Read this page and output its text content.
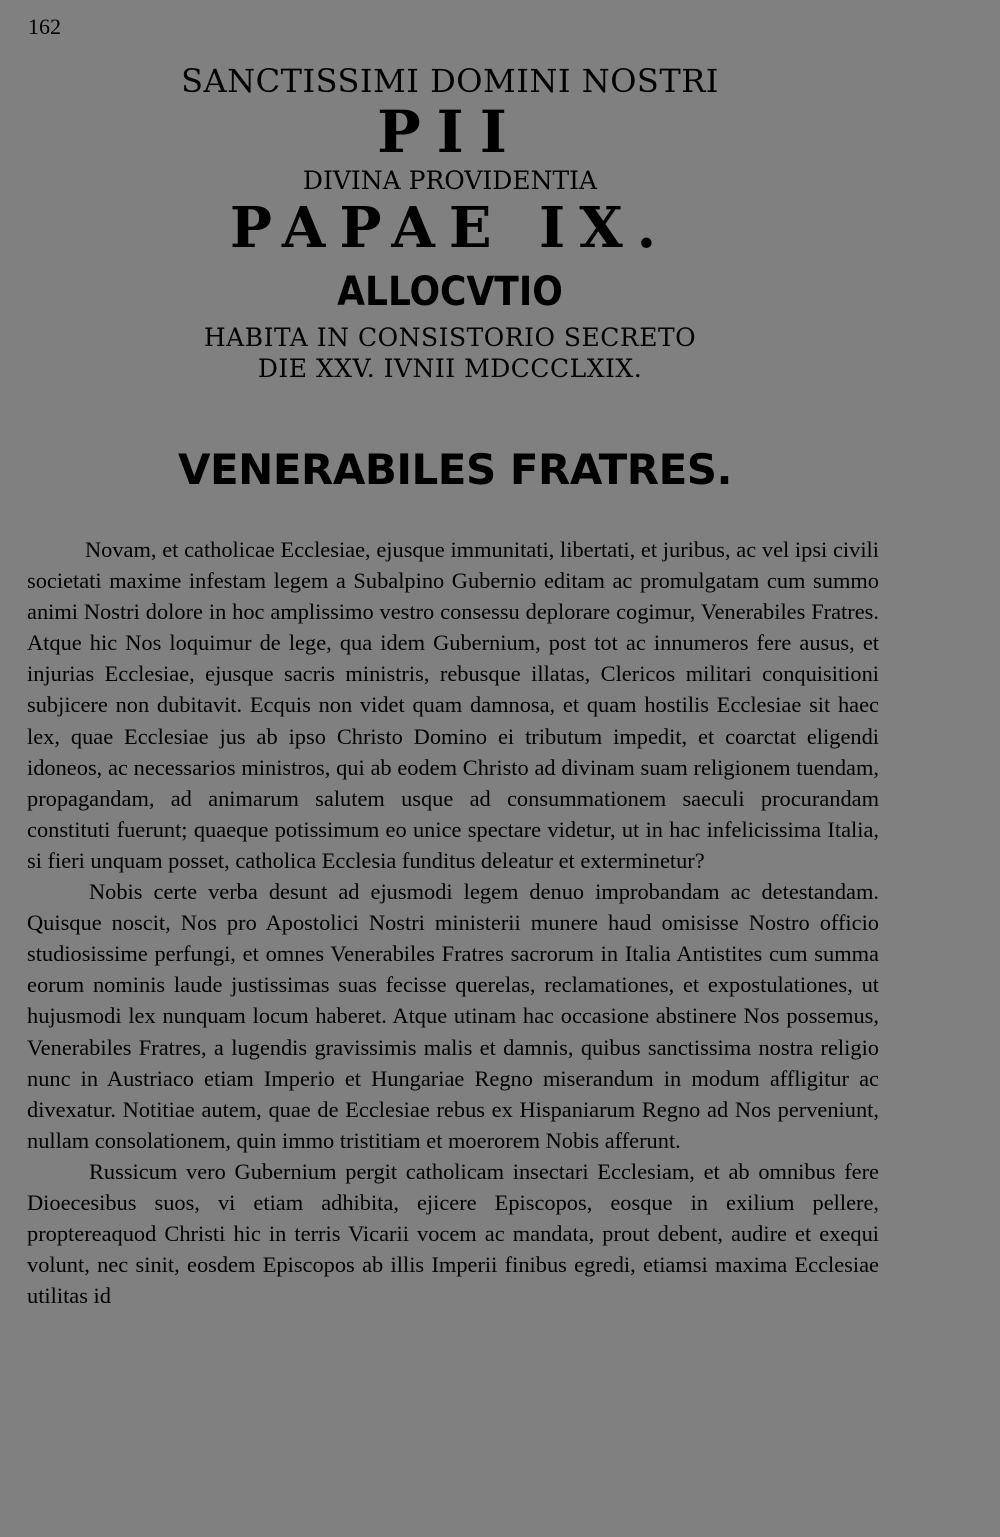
162
SANCTISSIMI DOMINI NOSTRI
PII
DIVINA PROVIDENTIA
PAPAE IX.
ALLOCVTIO
HABITA IN CONSISTORIO SECRETO
DIE XXV. IVNII MDCCCLXIX.
VENERABILES FRATRES.

Novam, et catholicae Ecclesiae, ejusque immunitati, libertati, et juribus, ac vel ipsi civili societati maxime infestam legem a Subalpino Gubernio editam ac promulgatam cum summo animi Nostri dolore in hoc amplissimo vestro consessu deplorare cogimur, Venerabiles Fratres. Atque hic Nos loquimur de lege, qua idem Gubernium, post tot ac innumeros fere ausus, et injurias Ecclesiae, ejusque sacris ministris, rebusque illatas, Clericos militari conquisitioni subjicere non dubitavit. Ecquis non videt quam damnosa, et quam hostilis Ecclesiae sit haec lex, quae Ecclesiae jus ab ipso Christo Domino ei tributum impedit, et coarctat eligendi idoneos, ac necessarios ministros, qui ab eodem Christo ad divinam suam religionem tuendam, propagandam, ad animarum salutem usque ad consummationem saeculi procurandam constituti fuerunt; quaeque potissimum eo unice spectare videtur, ut in hac infelicissima Italia, si fieri unquam posset, catholica Ecclesia funditus deleatur et exterminetur?

Nobis certe verba desunt ad ejusmodi legem denuo improbandam ac detestandam. Quisque noscit, Nos pro Apostolici Nostri ministerii munere haud omisisse Nostro officio studiosissime perfungi, et omnes Venerabiles Fratres sacrorum in Italia Antistites cum summa eorum nominis laude justissimas suas fecisse querelas, reclamationes, et expostulationes, ut hujusmodi lex nunquam locum haberet. Atque utinam hac occasione abstinere Nos possemus, Venerabiles Fratres, a lugendis gravissimis malis et damnis, quibus sanctissima nostra religio nunc in Austriaco etiam Imperio et Hungariae Regno miserandum in modum affligitur ac divexatur. Notitiae autem, quae de Ecclesiae rebus ex Hispaniarum Regno ad Nos perveniunt, nullam consolationem, quin immo tristitiam et moerorem Nobis afferunt.

Russicum vero Gubernium pergit catholicam insectari Ecclesiam, et ab omnibus fere Dioecesibus suos, vi etiam adhibita, ejicere Episcopos, eosque in exilium pellere, proptereaquod Christi hic in terris Vicarii vocem ac mandata, prout debent, audire et exequi volunt, nec sinit, eosdem Episcopos ab illis Imperii finibus egredi, etiamsi maxima Ecclesiae utilitas id
